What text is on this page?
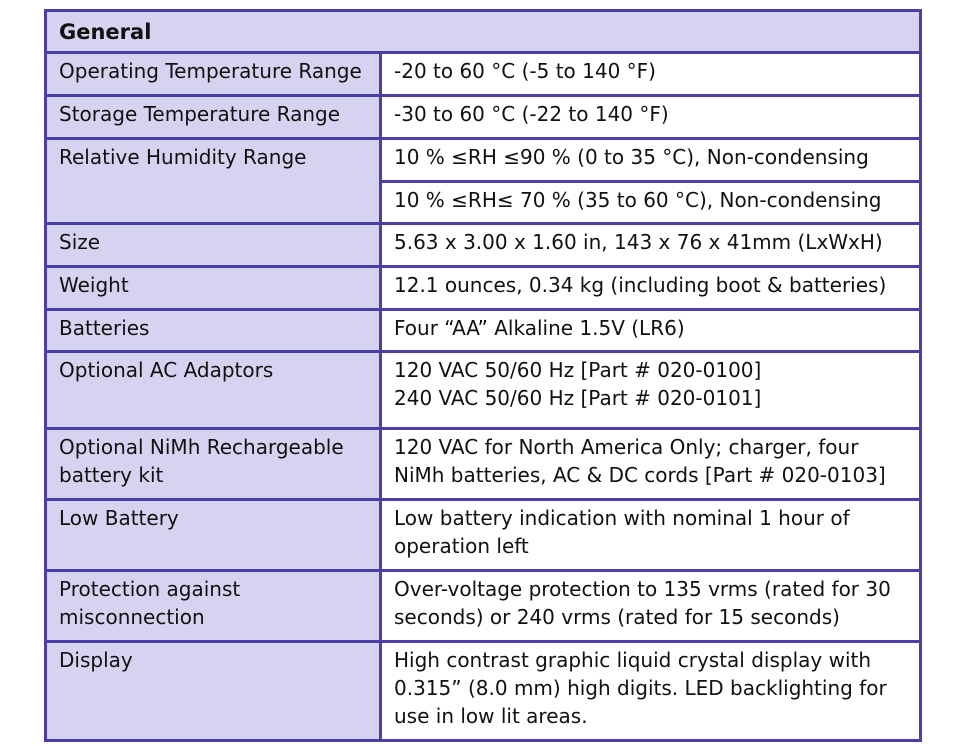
General	
Operating Temperature Range	-20 to 60 °C (-5 to 140 °F)
Storage Temperature Range	-30 to 60 °C (-22 to 140 °F)
Relative Humidity Range	10 % ≤RH ≤90 % (0 to 35 °C), Non-condensing
	10 % ≤RH≤ 70 % (35 to 60 °C), Non-condensing
Size	5.63 x 3.00 x 1.60 in, 143 x 76 x 41mm (LxWxH)
Weight	12.1 ounces, 0.34 kg (including boot & batteries)
Batteries	Four “AA” Alkaline 1.5V (LR6)
Optional AC Adaptors	120 VAC 50/60 Hz [Part # 020-0100]
240 VAC 50/60 Hz [Part # 020-0101]

Optional NiMh Rechargeable battery kit	120 VAC for North America Only; charger, four NiMh batteries, AC & DC cords [Part # 020-0103]
Low Battery	Low battery indication with nominal 1 hour of operation left
Protection against misconnection	Over-voltage protection to 135 vrms (rated for 30 seconds) or 240 vrms (rated for 15 seconds)
Display	High contrast graphic liquid crystal display with 0.315” (8.0 mm) high digits. LED backlighting for use in low lit areas.
